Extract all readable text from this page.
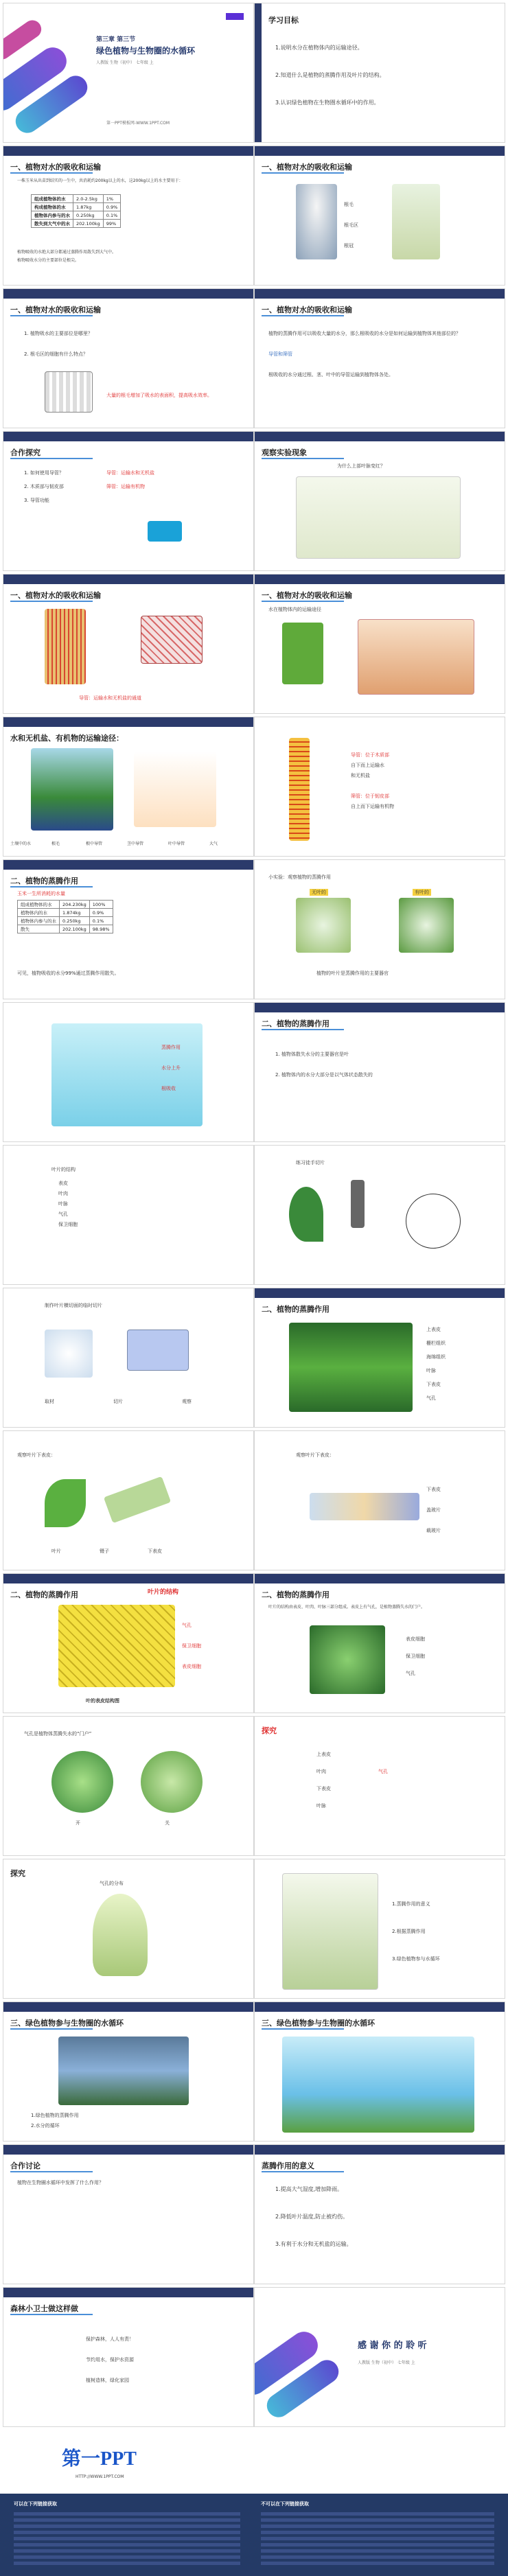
第三章 第三节
绿色植物与生物圈的水循环
人教版 生物（初中） 七年级 上
第一PPT模板网-WWW.1PPT.COM
学习目标
1.说明水分在植物体内的运输途径。
2.知道什么是植物的蒸腾作用及叶片的结构。
3.认识绿色植物在生物圈水循环中的作用。
一、植物对水的吸收和运输
一株玉米从出苗到结实的一生中，共消耗约200kg以上的水，这200kg以上的水主要用于：
组成植物体的水	2.0-2.5kg	1%
构成植物体的水	1.87kg	0.9%
植物体内参与的水	0.250kg	0.1%
散失到大气中的水	202.100kg	99%
植物吸收的水绝大部分都通过蒸腾作用散失到大气中。
植物吸收水分的主要部位是根尖。
一、植物对水的吸收和运输
根毛
根毛区
根冠
一、植物对水的吸收和运输
1. 植物吸水的主要部位是哪里？
2. 根毛区的细胞有什么特点？
大量的根毛增加了吸水的表面积，提高吸水效率。
一、植物对水的吸收和运输
植物的蒸腾作用可以吸收大量的水分，那么根吸收的水分是如何运输到植物体其他部位的？
导管和筛管
根吸收的水分通过根、茎、叶中的导管运输到植物体各处。
合作探究
1. 如何使用导管？
2. 木质部与韧皮部
3. 导管功能
导管：运输水和无机盐
筛管：运输有机物
观察实验现象
为什么上部叶脉变红？
一、植物对水的吸收和运输
导管：运输水和无机盐的通道
一、植物对水的吸收和运输
水在植物体内的运输途径
水和无机盐、有机物的运输途径：
土壤中的水	根毛	根中导管	茎中导管	叶中导管	大气
导管：位于木质部
自下而上运输水
和无机盐
筛管：位于韧皮部
自上而下运输有机物
二、植物的蒸腾作用
玉米一生所消耗的水量
组成植物体的水	204.230kg	100%
植物体内的水	1.874kg	0.9%
植物体内参与的水	0.250kg	0.1%
散失	202.100kg	98.98%
可见，植物吸收的水分99%通过蒸腾作用散失。
小实验：观察植物的蒸腾作用
无叶的	有叶的
植物的叶片是蒸腾作用的主要器官
蒸腾作用
水分上升
根吸收
二、植物的蒸腾作用
1. 植物体散失水分的主要器官是叶
2. 植物体内的水分大部分是以气体状态散失的
叶片的结构
表皮
叶肉
叶脉
气孔
保卫细胞
练习徒手切片
制作叶片横切面的临时切片
取材	切片	观察
二、植物的蒸腾作用
上表皮
栅栏组织
海绵组织
叶脉
下表皮
气孔
观察叶片下表皮：
叶片	镊子	下表皮
观察叶片下表皮：
下表皮
盖玻片
载玻片
二、植物的蒸腾作用	叶片的结构
叶的表皮结构图
气孔
保卫细胞
表皮细胞
二、植物的蒸腾作用
叶片的结构由表皮、叶肉、叶脉三部分组成。表皮上有气孔，是植物蒸腾失水的门户。
表皮细胞
保卫细胞
气孔
气孔是植物体蒸腾失水的“门户”
开	关
探究
上表皮
叶肉
下表皮
叶脉
气孔
探究
气孔的分布
1.蒸腾作用的意义
2.根据蒸腾作用
3.绿色植物参与水循环
三、绿色植物参与生物圈的水循环
1.绿色植物的蒸腾作用
2.水分的循环
三、绿色植物参与生物圈的水循环
合作讨论
植物在生物圈水循环中发挥了什么作用？
蒸腾作用的意义
1.提高大气湿度,增加降雨。
2.降低叶片温度,防止被灼伤。
3.有利于水分和无机盐的运输。
森林小卫士做这样做
保护森林，人人有责！
节约用水，保护水资源
植树造林，绿化家园
感 谢 你 的 聆 听
人教版 生物（初中） 七年级 上
第一PPT
HTTP://WWW.1PPT.COM
可以在下列链接获取	不可以在下列链接获取
